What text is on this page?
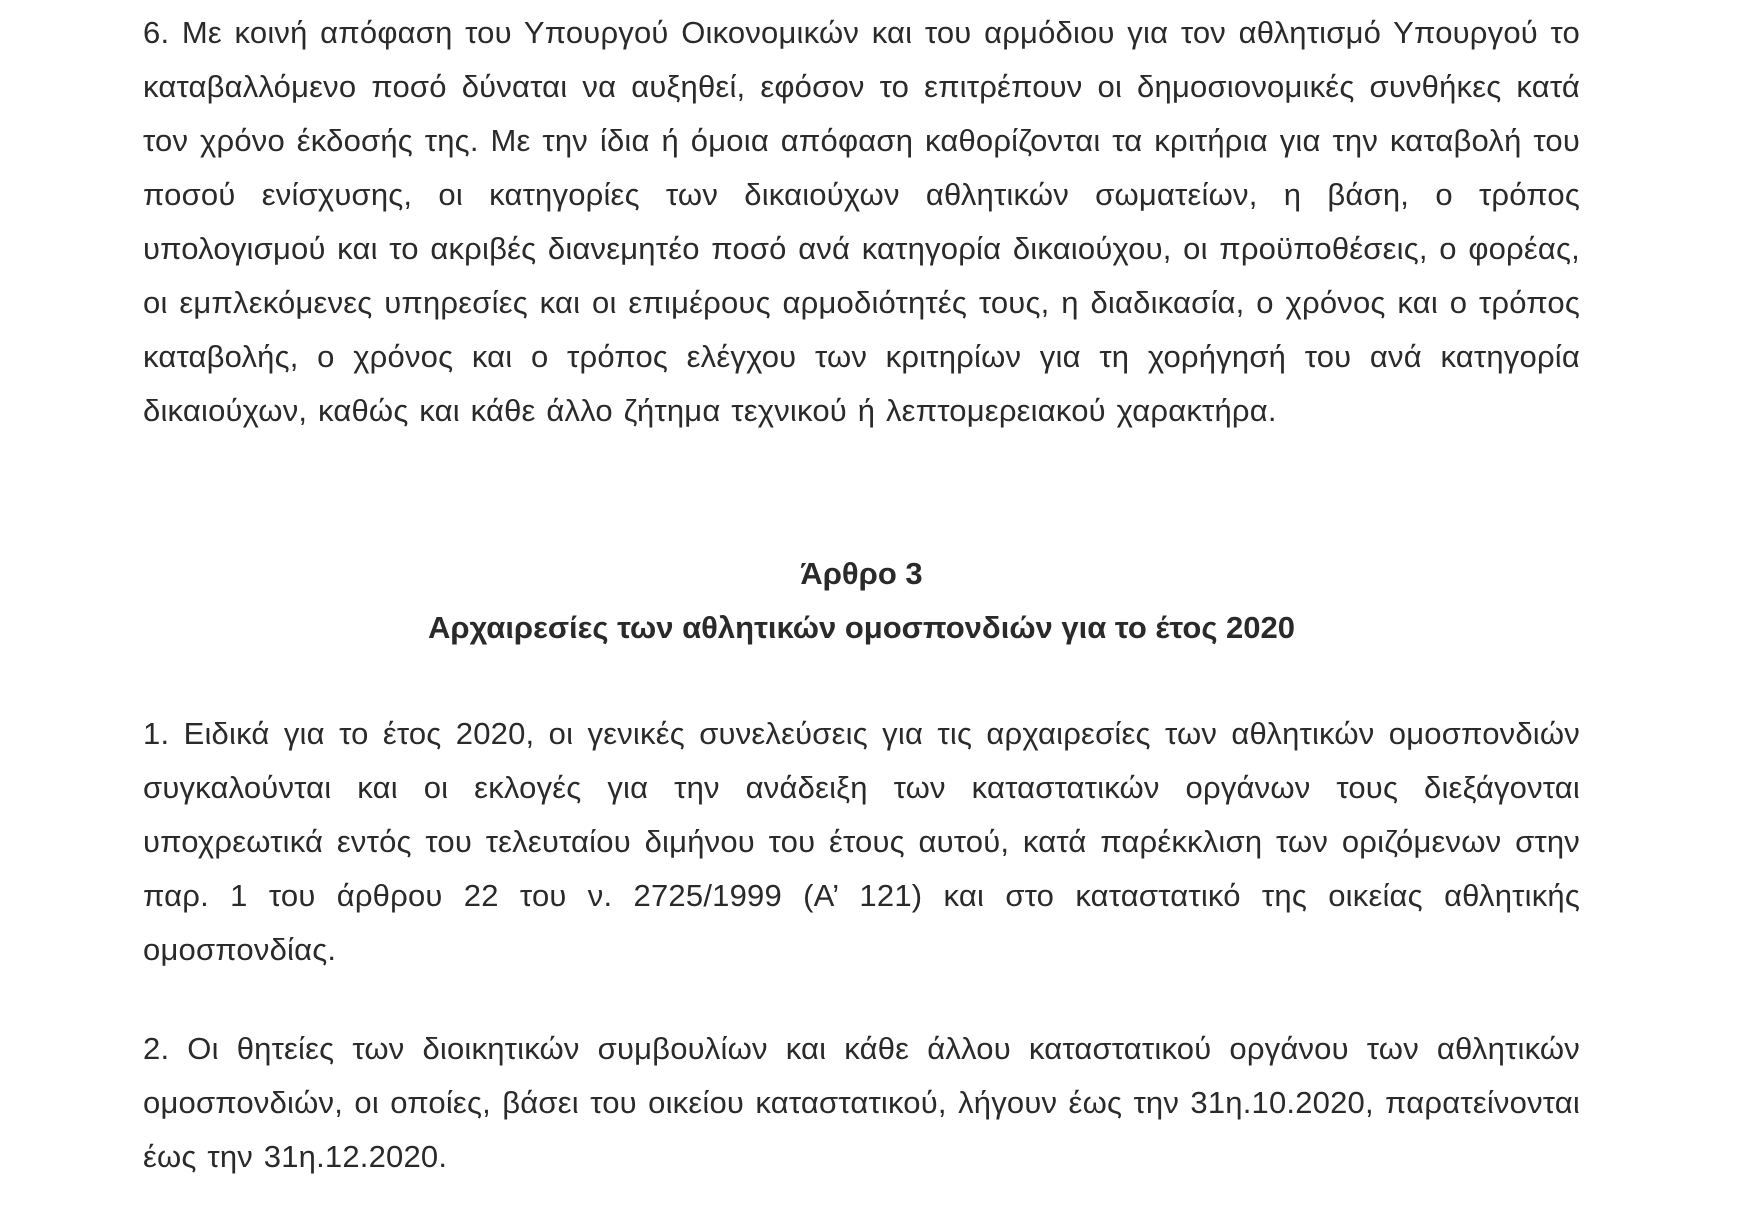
6. Με κοινή απόφαση του Υπουργού Οικονομικών και του αρμόδιου για τον αθλητισμό Υπουργού το καταβαλλόμενο ποσό δύναται να αυξηθεί, εφόσον το επιτρέπουν οι δημοσιονομικές συνθήκες κατά τον χρόνο έκδοσής της. Με την ίδια ή όμοια απόφαση καθορίζονται τα κριτήρια για την καταβολή του ποσού ενίσχυσης, οι κατηγορίες των δικαιούχων αθλητικών σωματείων, η βάση, ο τρόπος υπολογισμού και το ακριβές διανεμητέο ποσό ανά κατηγορία δικαιούχου, οι προϋποθέσεις, ο φορέας, οι εμπλεκόμενες υπηρεσίες και οι επιμέρους αρμοδιότητές τους, η διαδικασία, ο χρόνος και ο τρόπος καταβολής, ο χρόνος και ο τρόπος ελέγχου των κριτηρίων για τη χορήγησή του ανά κατηγορία δικαιούχων, καθώς και κάθε άλλο ζήτημα τεχνικού ή λεπτομερειακού χαρακτήρα.

Άρθρο 3
Αρχαιρεσίες των αθλητικών ομοσπονδιών για το έτος 2020

1. Ειδικά για το έτος 2020, οι γενικές συνελεύσεις για τις αρχαιρεσίες των αθλητικών ομοσπονδιών συγκαλούνται και οι εκλογές για την ανάδειξη των καταστατικών οργάνων τους διεξάγονται υποχρεωτικά εντός του τελευταίου διμήνου του έτους αυτού, κατά παρέκκλιση των οριζόμενων στην παρ. 1 του άρθρου 22 του ν. 2725/1999 (Α’ 121) και στο καταστατικό της οικείας αθλητικής ομοσπονδίας.

2. Οι θητείες των διοικητικών συμβουλίων και κάθε άλλου καταστατικού οργάνου των αθλητικών ομοσπονδιών, οι οποίες, βάσει του οικείου καταστατικού, λήγουν έως την 31η.10.2020, παρατείνονται έως την 31η.12.2020.
